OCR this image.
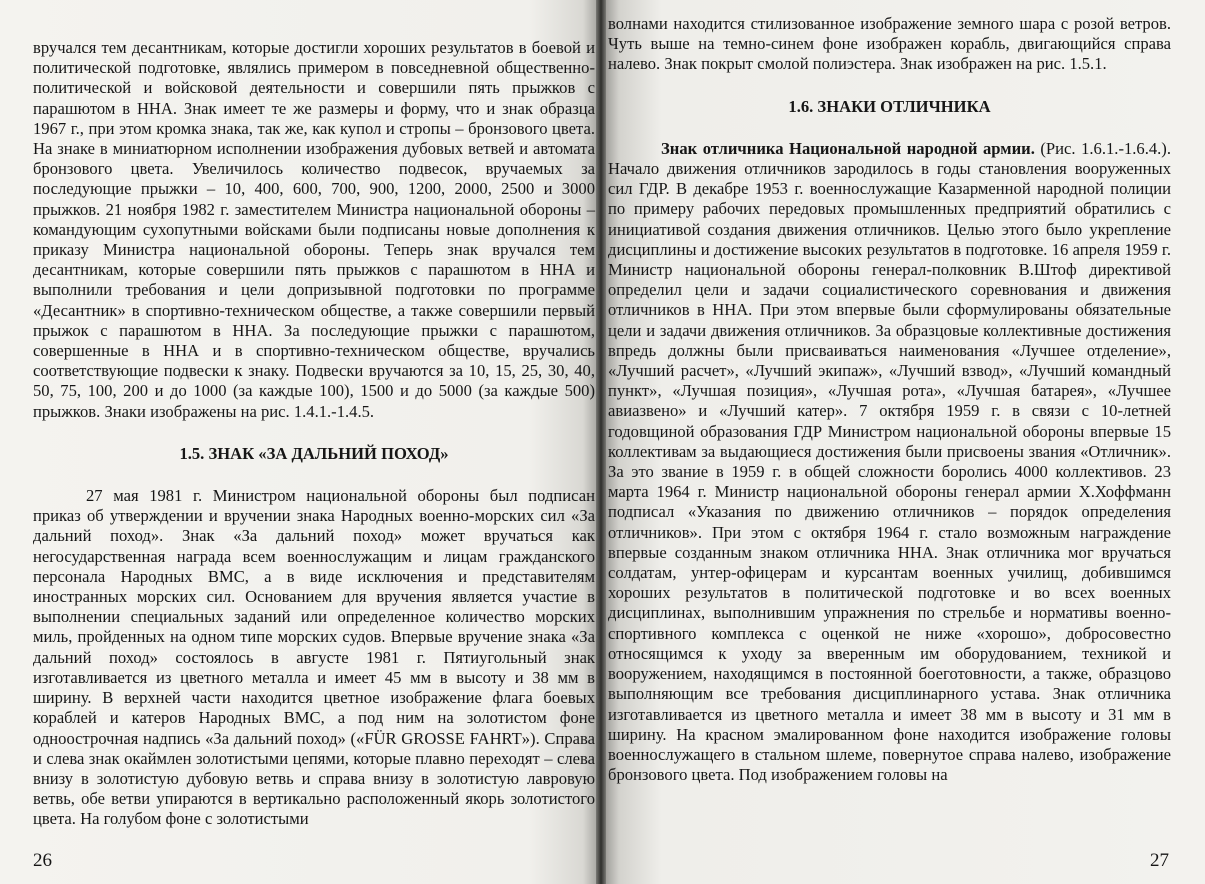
вручался тем десантникам, которые достигли хороших результатов в боевой и политической подготовке, являлись примером в повседневной общественно-политической и войсковой деятельности и совершили пять прыжков с парашютом в ННА. Знак имеет те же размеры и форму, что и знак образца 1967 г., при этом кромка знака, так же, как купол и стропы – бронзового цвета. На знаке в миниатюрном исполнении изображения дубовых ветвей и автомата бронзового цвета. Увеличилось количество подвесок, вручаемых за последующие прыжки – 10, 400, 600, 700, 900, 1200, 2000, 2500 и 3000 прыжков. 21 ноября 1982 г. заместителем Министра национальной обороны – командующим сухопутными войсками были подписаны новые дополнения к приказу Министра национальной обороны. Теперь знак вручался тем десантникам, которые совершили пять прыжков с парашютом в ННА и выполнили требования и цели допризывной подготовки по программе «Десантник» в спортивно-техническом обществе, а также совершили первый прыжок с парашютом в ННА. За последующие прыжки с парашютом, совершенные в ННА и в спортивно-техническом обществе, вручались соответствующие подвески к знаку. Подвески вручаются за 10, 15, 25, 30, 40, 50, 75, 100, 200 и до 1000 (за каждые 100), 1500 и до 5000 (за каждые 500) прыжков. Знаки изображены на рис. 1.4.1.-1.4.5.

1.5. ЗНАК «ЗА ДАЛЬНИЙ ПОХОД»

27 мая 1981 г. Министром национальной обороны был подписан приказ об утверждении и вручении знака Народных военно-морских сил «За дальний поход». Знак «За дальний поход» может вручаться как негосударственная награда всем военнослужащим и лицам гражданского персонала Народных ВМС, а в виде исключения и представителям иностранных морских сил. Основанием для вручения является участие в выполнении специальных заданий или определенное количество морских миль, пройденных на одном типе морских судов. Впервые вручение знака «За дальний поход» состоялось в августе 1981 г. Пятиугольный знак изготавливается из цветного металла и имеет 45 мм в высоту и 38 мм в ширину. В верхней части находится цветное изображение флага боевых кораблей и катеров Народных ВМС, а под ним на золотистом фоне одноострочная надпись «За дальний поход» («FÜR GROSSE FAHRT»). Справа и слева знак окаймлен золотистыми цепями, которые плавно переходят – слева внизу в золотистую дубовую ветвь и справа внизу в золотистую лавровую ветвь, обе ветви упираются в вертикально расположенный якорь золотистого цвета. На голубом фоне с золотистыми

26

волнами находится стилизованное изображение земного шара с розой ветров. Чуть выше на темно-синем фоне изображен корабль, двигающийся справа налево. Знак покрыт смолой полиэстера. Знак изображен на рис. 1.5.1.

1.6. ЗНАКИ ОТЛИЧНИКА

Знак отличника Национальной народной армии. (Рис. 1.6.1.-1.6.4.). Начало движения отличников зародилось в годы становления вооруженных сил ГДР. В декабре 1953 г. военнослужащие Казарменной народной полиции по примеру рабочих передовых промышленных предприятий обратились с инициативой создания движения отличников. Целью этого было укрепление дисциплины и достижение высоких результатов в подготовке. 16 апреля 1959 г. Министр национальной обороны генерал-полковник В.Штоф директивой определил цели и задачи социалистического соревнования и движения отличников в ННА. При этом впервые были сформулированы обязательные цели и задачи движения отличников. За образцовые коллективные достижения впредь должны были присваиваться наименования «Лучшее отделение», «Лучший расчет», «Лучший экипаж», «Лучший взвод», «Лучший командный пункт», «Лучшая позиция», «Лучшая рота», «Лучшая батарея», «Лучшее авиазвено» и «Лучший катер». 7 октября 1959 г. в связи с 10-летней годовщиной образования ГДР Министром национальной обороны впервые 15 коллективам за выдающиеся достижения были присвоены звания «Отличник». За это звание в 1959 г. в общей сложности боролись 4000 коллективов. 23 марта 1964 г. Министр национальной обороны генерал армии Х.Хоффманн подписал «Указания по движению отличников – порядок определения отличников». При этом с октября 1964 г. стало возможным награждение впервые созданным знаком отличника ННА. Знак отличника мог вручаться солдатам, унтер-офицерам и курсантам военных училищ, добившимся хороших результатов в политической подготовке и во всех военных дисциплинах, выполнившим упражнения по стрельбе и нормативы военно-спортивного комплекса с оценкой не ниже «хорошо», добросовестно относящимся к уходу за вверенным им оборудованием, техникой и вооружением, находящимся в постоянной боеготовности, а также, образцово выполняющим все требования дисциплинарного устава. Знак отличника изготавливается из цветного металла и имеет 38 мм в высоту и 31 мм в ширину. На красном эмалированном фоне находится изображение головы военнослужащего в стальном шлеме, повернутое справа налево, изображение бронзового цвета. Под изображением головы на

27
